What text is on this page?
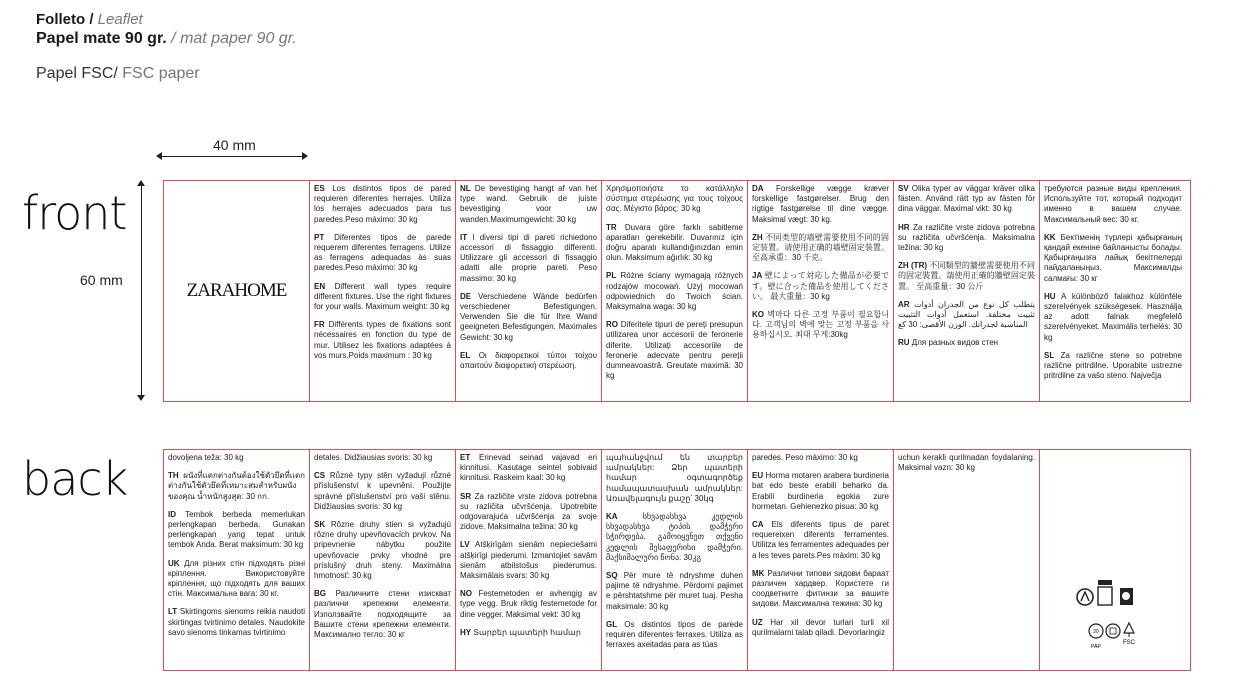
Folleto / Leaflet
Papel mate 90 gr. / mat paper 90 gr.
Papel FSC/ FSC paper
40 mm
60 mm
front
back
ZARAHOME

ES Los distintos tipos de pared requieren diferentes herrajes. Utiliza los herrajes adecuados para tus paredes.Peso máximo: 30 kg

PT Diferentes tipos de parede requerem diferentes ferragens. Utilize as ferragens adequadas às suas paredes.Peso máximo: 30 kg

EN Different wall types require different fixtures. Use the right fixtures for your walls. Maximum weight: 30 kg

FR Différents types de fixations sont nécessaires en fonction du type de mur. Utilisez les fixations adaptées à vos murs.Poids maximum : 30 kg

NL De bevestiging hangt af van het type wand. Gebruik de juiste bevestiging voor uw wanden.Maximumgewicht: 30 kg

IT I diversi tipi di pareti richiedono accessori di fissaggio differenti. Utilizzare gli accessori di fissaggio adatti alle proprie pareti. Peso massimo: 30 kg

DE Verschiedene Wände bedürfen verschiedener Befestigungen. Verwenden Sie die für Ihre Wand geeigneten Befestigungen. Maximales Gewicht: 30 kg

EL Οι διαφορετικοί τύποι τοίχου απαιτούν διαφορετική στερέωση.

Χρησιμοποιήστε το κατάλληλο σύστημα στερέωσης για τους τοίχους σας. Μέγιστο βάρος: 30 kg

TR Duvara göre farklı sabitleme aparatları gerekebilir. Duvarınız için doğru aparatı kullandığınızdan emin olun. Maksimum ağırlık: 30 kg

PL Różne ściany wymagają różnych rodzajów mocowań. Użyj mocowań odpowiednich do Twoich ścian. Maksymalna waga: 30 kg

RO Diferitele tipuri de pereți presupun utilizarea unor accesorii de feronerie diferite. Utilizați accesoriile de feronerie adecvate pentru pereții dumneavoastră. Greutate maximă: 30 kg

DA Forskellige vægge kræver forskellige fastgørelser. Brug den rigtige fastgørelse til dine vægge. Maksimal vægt: 30 kg.

ZH 不同类型的墙壁需要使用不同的固定装置。请使用正确的墙壁固定装置。至高承重：30 千克。

JA 壁によって対応した備品が必要です。壁に合った備品を使用してください。 最大重量：30 kg

KO 벽마다 다른 고정 부품이 필요합니다. 고객님의 벽에 맞는 고정 부품을 사용하십시오. 최대 무게:30kg

SV Olika typer av väggar kräver olika fästen. Använd rätt typ av fästen för dina väggar. Maximal vikt: 30 kg

HR Za različite vrste zidova potrebna su različita učvršćenja. Maksimalna težina: 30 kg

ZH (TR) 不同類型的牆壁需要使用不同的固定裝置。請使用正確的牆壁固定裝置。 至高重量：30 公斤

AR يتطلب كل نوع من الجدران أدوات تثبيت مختلفة. استعمل أدوات التثبيت المناسبة لجدرانك. الوزن الأقصى: 30 كغ

RU Для разных видов стен

требуются разные виды крепления. Используйте тот, который подходит именно в вашем случае. Максимальный вес: 30 кг.

KK Бектіменің түрлері қабырғаның қандай екеніне байланысты болады. Қабырғаңызға лайық бекітпелерді пайдаланыңыз. Максималды салмағы: 30 кг

HU A különböző falakhoz különféle szerelvények szükségesek. Használja az adott falnak megfelelő szerelvényeket. Maximális terhelés: 30 kg

SL Za različne stene so potrebne različne pritrdilne. Uporabite ustrezne pritrdilne za vašo steno. Največja

dovoljena teža: 30 kg

TH ผนังที่แตกต่างกันต้องใช้ตัวยึดที่แตกต่างกันใช้ตัวยึดที่เหมาะสมสำหรับผนังของคุณ น้ำหนักสูงสุด: 30 กก.

ID Tembok berbeda memerlukan perlengkapan berbeda. Gunakan perlengkapan yang tepat untuk tembok Anda. Berat maksimum: 30 kg

UK Для різних стін підходять різні кріплення. Використовуйте кріплення, що підходять для ваших стін. Максимальна вага: 30 кг.

LT Skirtingoms sienoms reikia naudoti skirtingas tvirtinimo detales. Naudokite savo sienoms tinkamas tvirtinimo

detales. Didžiausias svoris: 30 kg

CS Různé typy stěn vyžadují různé příslušenství k upevnění. Použijte správné příslušenství pro vaši stěnu. Didžiausias svoris: 30 kg

SK Rôzne druhy stien si vyžadujú rôzne druhy upevňovacích prvkov. Na pripevnenie nábytku použite upevňovacie prvky vhodné pre príslušný druh steny. Maximálna hmotnosť: 30 kg

BG Различните стени изискват различни крепежни елементи. Използвайте подходящите за Вашите стени крепежни елементи. Максимално тегло: 30 кг

ET Erinevad seinad vajavad eri kinnitusi. Kasutage seintel sobivaid kinnitusi. Raskeim kaal: 30 kg

SR Za različite vrste zidova potrebna su različita učvršćenja. Upotrebite odgovarajuća učvršćenja za svoje zidove. Maksimalna težina: 30 kg

LV Atšķirīgām sienām nepieciešami atšķirīgi piederumi. Izmantojiet savām sienām atbilstošus piederumus. Maksimālais svars: 30 kg

NO Festemetoden er avhengig av type vegg. Bruk riktig festemetode for dine vegger. Maksimal vekt: 30 kg

HY Տարբեր պատերի համար

պահանջվում են տարբեր ամրակներ: Ձեր պատերի համար օգտագործեք համապատասխան ամրակներ: Առավելագույն քաշը՝ 30կգ

KA	სხვადასხვა კედლის სხვადასხვა ტიპის დამჭერი სჭირდება. გამოიყენეთ თქვენი კედლის შესაფერისი დამჭერი. მაქსიმალური წონა: 30კგ

SQ Për mure të ndryshme duhen pajime të ndryshme. Përdorni pajimet e përshtatshme për muret tuaj. Pesha maksimale: 30 kg

GL Os distintos tipos de parede requiren diferentes ferraxes. Utiliza as ferraxes axeitadas para as túas

paredes. Peso máximo: 30 kg

EU Horma motaren arabera burdineria bat edo beste erabili beharko da. Erabili burdineria egokia zure hormetan. Gehienezko pisua: 30 kg

CA Els diferents tipus de paret requereixen diferents ferramentes. Utilitza les ferramentes adequades per a les teves parets.Pes màxim: 30 kg

MK Различни типови ѕидови бараат различен хардвер. Користете ги соодветните фитинзи за вашите ѕидови. Максимална тежина: 30 kg

UZ Har xil devor turlari turli xil qurilmalarni talab qiladi. Devorlaringiz

uchun kerakli qurilmadan foydalaning. Maksimal vazn: 30 kg

20
PAP
FSC
